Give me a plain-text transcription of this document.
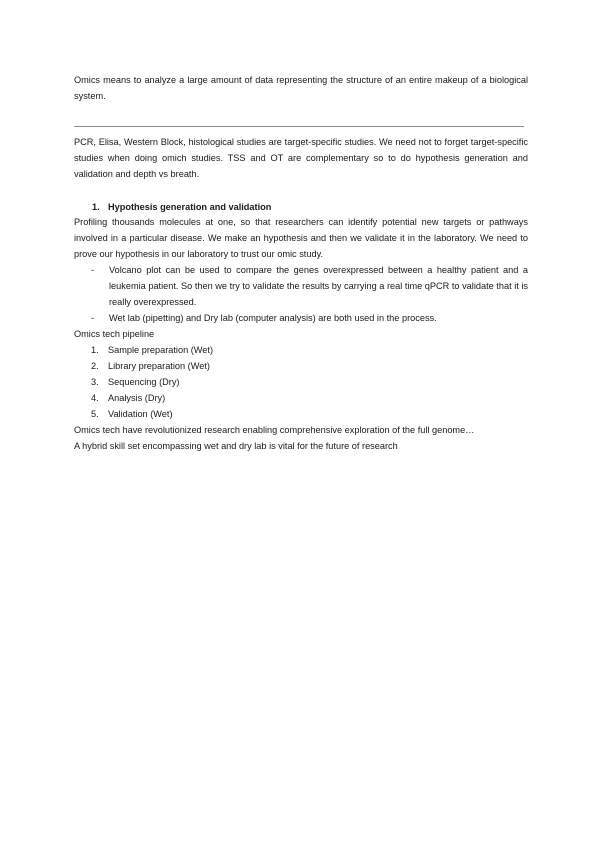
Omics means to analyze a large amount of data representing the structure of an entire makeup of a biological system.

PCR, Elisa, Western Block, histological studies are target-specific studies. We need not to forget target-specific studies when doing omich studies. TSS and OT are complementary so to do hypothesis generation and validation and depth vs breath.

1. Hypothesis generation and validation

Profiling thousands molecules at one, so that researchers can identify potential new targets or pathways involved in a particular disease. We make an hypothesis and then we validate it in the laboratory. We need to prove our hypothesis in our laboratory to trust our omic study.

- Volcano plot can be used to compare the genes overexpressed between a healthy patient and a leukemia patient. So then we try to validate the results by carrying a real time qPCR to validate that it is really overexpressed.

- Wet lab (pipetting) and Dry lab (computer analysis) are both used in the process.

Omics tech pipeline

1. Sample preparation (Wet)
2. Library preparation (Wet)
3. Sequencing (Dry)
4. Analysis (Dry)
5. Validation (Wet)

Omics tech have revolutionized research enabling comprehensive exploration of the full genome…

A hybrid skill set encompassing wet and dry lab is vital for the future of research
